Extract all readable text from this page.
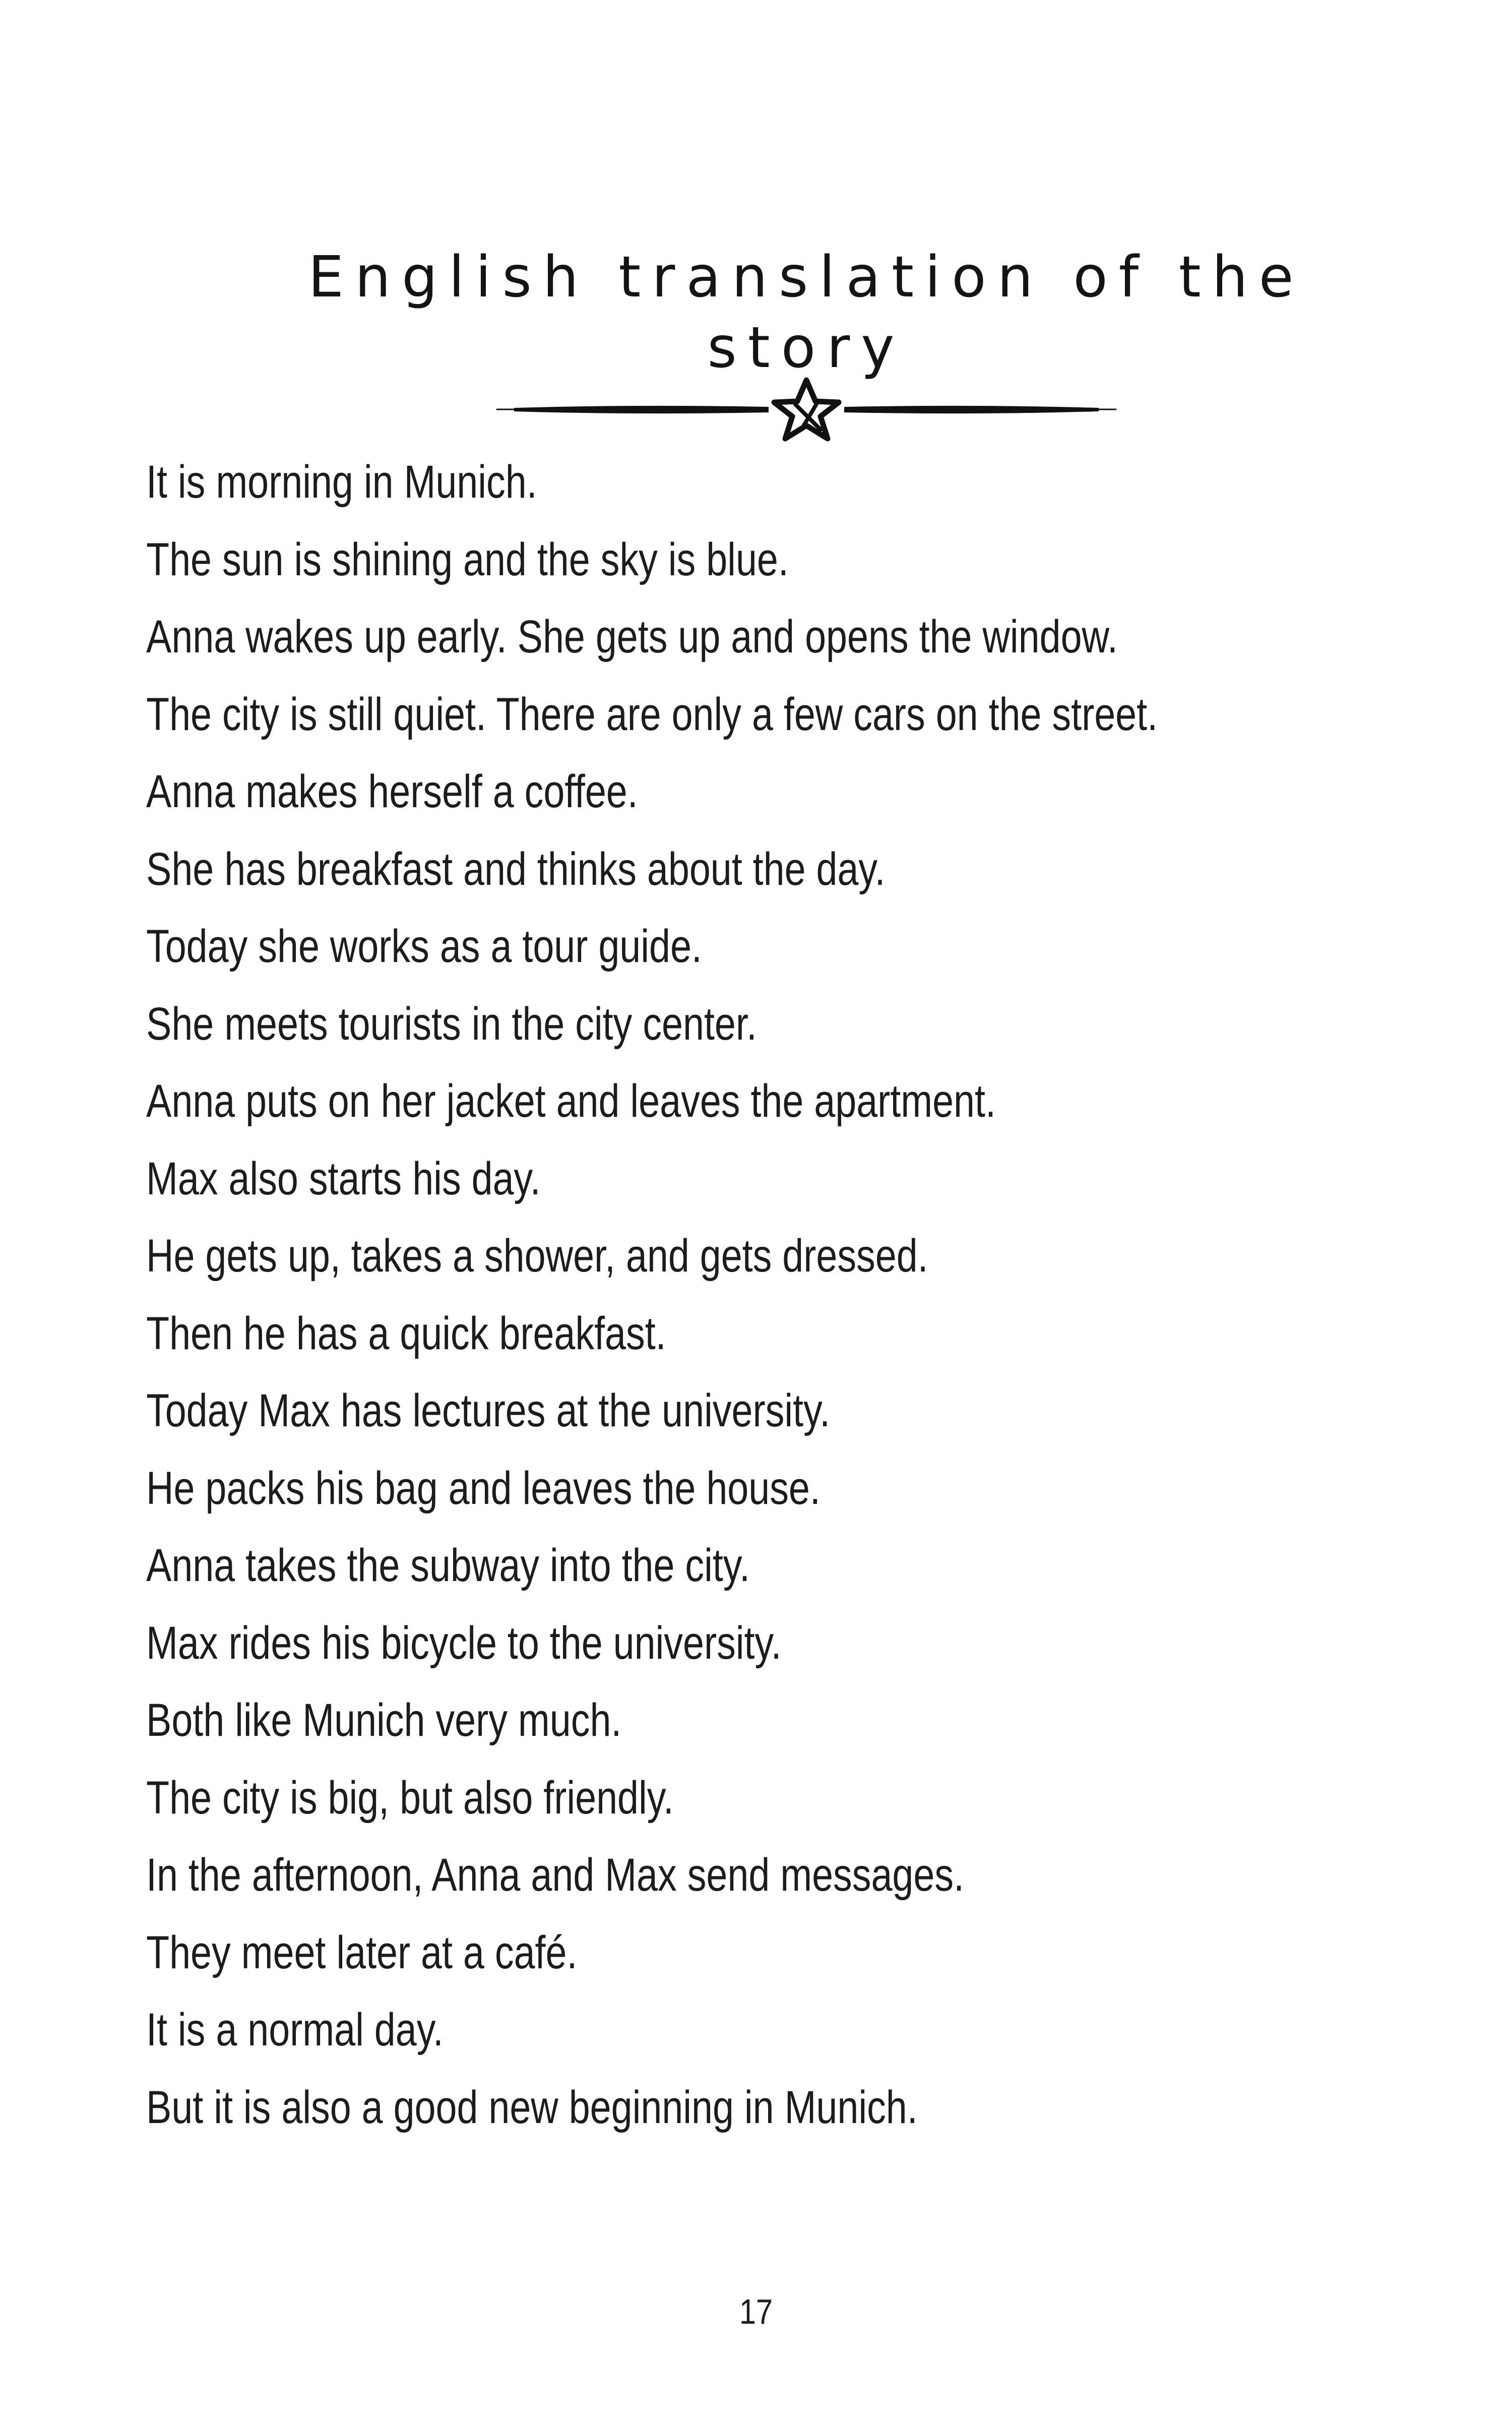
English translation of the story
It is morning in Munich.
The sun is shining and the sky is blue.
Anna wakes up early. She gets up and opens the window.
The city is still quiet. There are only a few cars on the street.
Anna makes herself a coffee.
She has breakfast and thinks about the day.
Today she works as a tour guide.
She meets tourists in the city center.
Anna puts on her jacket and leaves the apartment.
Max also starts his day.
He gets up, takes a shower, and gets dressed.
Then he has a quick breakfast.
Today Max has lectures at the university.
He packs his bag and leaves the house.
Anna takes the subway into the city.
Max rides his bicycle to the university.
Both like Munich very much.
The city is big, but also friendly.
In the afternoon, Anna and Max send messages.
They meet later at a café.
It is a normal day.
But it is also a good new beginning in Munich.
17
